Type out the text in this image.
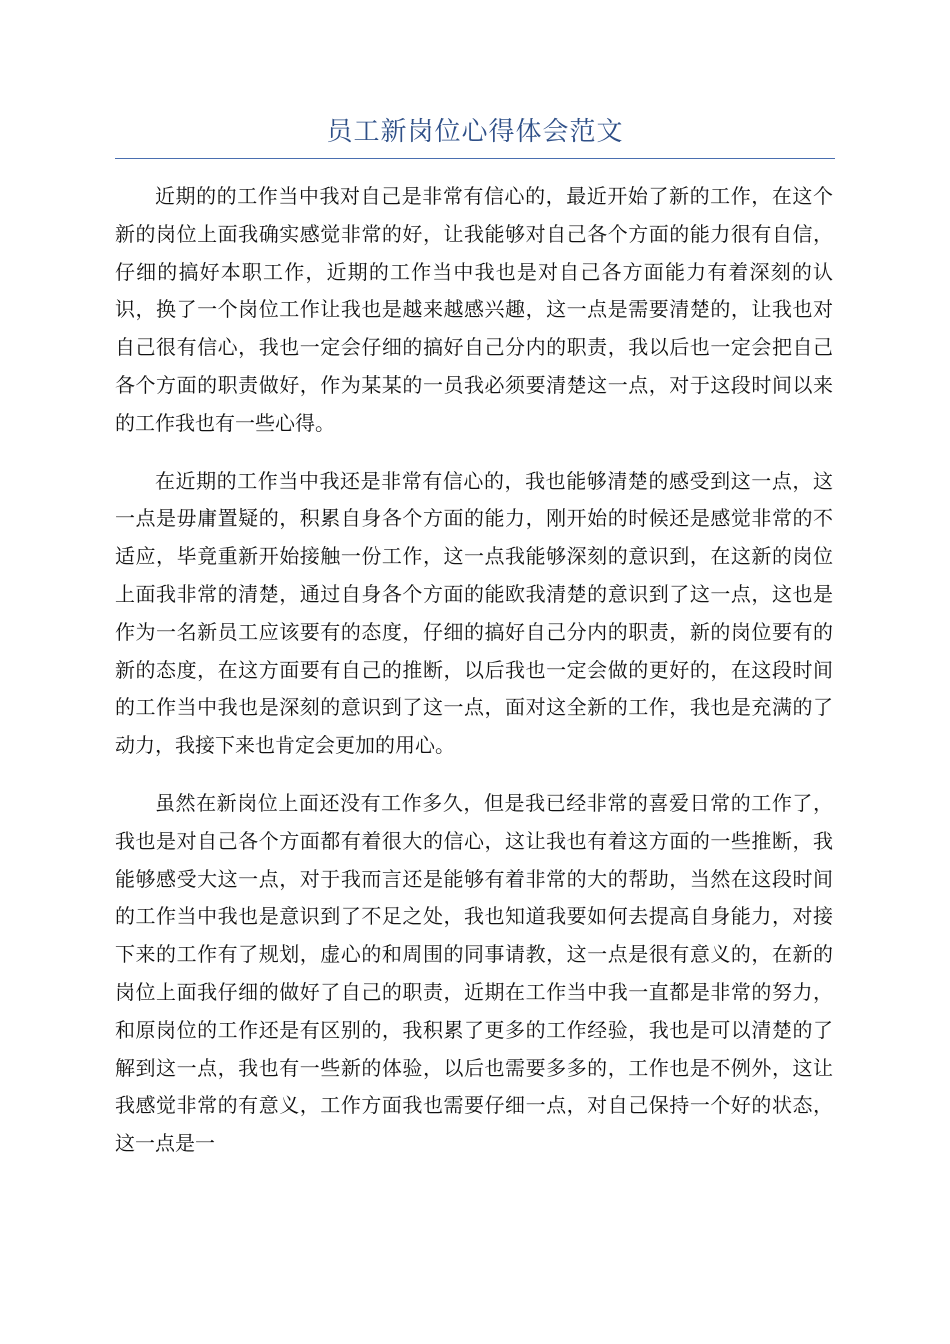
员工新岗位心得体会范文

近期的的工作当中我对自己是非常有信心的，最近开始了新的工作，在这个新的岗位上面我确实感觉非常的好，让我能够对自己各个方面的能力很有自信，仔细的搞好本职工作，近期的工作当中我也是对自己各方面能力有着深刻的认识，换了一个岗位工作让我也是越来越感兴趣，这一点是需要清楚的，让我也对自己很有信心，我也一定会仔细的搞好自己分内的职责，我以后也一定会把自己各个方面的职责做好，作为某某的一员我必须要清楚这一点，对于这段时间以来的工作我也有一些心得。

在近期的工作当中我还是非常有信心的，我也能够清楚的感受到这一点，这一点是毋庸置疑的，积累自身各个方面的能力，刚开始的时候还是感觉非常的不适应，毕竟重新开始接触一份工作，这一点我能够深刻的意识到，在这新的岗位上面我非常的清楚，通过自身各个方面的能欧我清楚的意识到了这一点，这也是作为一名新员工应该要有的态度，仔细的搞好自己分内的职责，新的岗位要有的新的态度，在这方面要有自己的推断，以后我也一定会做的更好的，在这段时间的工作当中我也是深刻的意识到了这一点，面对这全新的工作，我也是充满的了动力，我接下来也肯定会更加的用心。

虽然在新岗位上面还没有工作多久，但是我已经非常的喜爱日常的工作了，我也是对自己各个方面都有着很大的信心，这让我也有着这方面的一些推断，我能够感受大这一点，对于我而言还是能够有着非常的大的帮助，当然在这段时间的工作当中我也是意识到了不足之处，我也知道我要如何去提高自身能力，对接下来的工作有了规划，虚心的和周围的同事请教，这一点是很有意义的，在新的岗位上面我仔细的做好了自己的职责，近期在工作当中我一直都是非常的努力，和原岗位的工作还是有区别的，我积累了更多的工作经验，我也是可以清楚的了解到这一点，我也有一些新的体验，以后也需要多多的，工作也是不例外，这让我感觉非常的有意义，工作方面我也需要仔细一点，对自己保持一个好的状态，这一点是一
